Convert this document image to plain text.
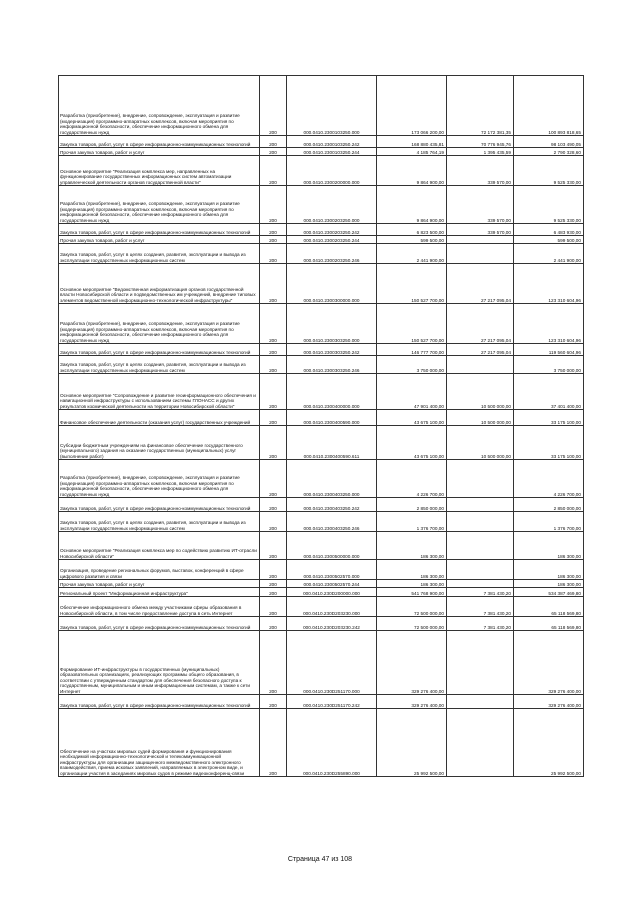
Разработка (приобретение), внедрение, сопровождение, эксплуатация и развитие (модернизация) программно-аппаратных комплексов, включая мероприятия по информационной безопасности, обеспечение информационного обмена для государственных нужд	200	000.0410.2300103250.000	173 066 200,00	72 172 381,35	100 893 818,65
Закупка товаров, работ, услуг в сфере информационно-коммуникационных технологий	200	000.0410.2300103250.242	168 880 435,81	70 776 945,76	98 103 490,05
Прочая закупка товаров, работ и услуг	200	000.0410.2300103250.244	4 185 764,19	1 395 435,59	2 790 328,60
Основное мероприятие "Реализация комплекса мер, направленных на функционирование государственных информационных систем автоматизации управленческой деятельности органов государственной власти"	200	000.0410.2300200000.000	9 864 900,00	339 570,00	9 525 330,00
Разработка (приобретение), внедрение, сопровождение, эксплуатация и развитие (модернизация) программно-аппаратных комплексов, включая мероприятия по информационной безопасности, обеспечение информационного обмена для государственных нужд	200	000.0410.2300203250.000	9 864 900,00	339 570,00	9 525 330,00
Закупка товаров, работ, услуг в сфере информационно-коммуникационных технологий	200	000.0410.2300203250.242	6 823 500,00	339 570,00	6 483 930,00
Прочая закупка товаров, работ и услуг	200	000.0410.2300203250.244	599 500,00		599 500,00
Закупка товаров, работ, услуг в целях создания, развития, эксплуатации и вывода из эксплуатации государственных информационных систем	200	000.0410.2300203250.246	2 441 900,00		2 441 900,00
Основное мероприятие "Ведомственная информатизация органов государственной власти Новосибирской области и подведомственных им учреждений, внедрение типовых элементов ведомственной информационно-технологической инфраструктуры"	200	000.0410.2300300000.000	150 527 700,00	27 217 095,04	123 310 604,96
Разработка (приобретение), внедрение, сопровождение, эксплуатация и развитие (модернизация) программно-аппаратных комплексов, включая мероприятия по информационной безопасности, обеспечение информационного обмена для государственных нужд	200	000.0410.2300303250.000	150 527 700,00	27 217 095,04	123 310 604,96
Закупка товаров, работ, услуг в сфере информационно-коммуникационных технологий	200	000.0410.2300303250.242	146 777 700,00	27 217 095,04	119 560 604,96
Закупка товаров, работ, услуг в целях создания, развития, эксплуатации и вывода из эксплуатации государственных информационных систем	200	000.0410.2300303250.246	3 750 000,00		3 750 000,00
Основное мероприятие "Сопровождение и развитие геоинформационного обеспечения и навигационной инфраструктуры с использованием системы ГЛОНАСС и других результатов космической деятельности на территории Новосибирской области"	200	000.0410.2300400000.000	47 901 400,00	10 500 000,00	37 401 400,00
Финансовое обеспечение деятельности (оказания услуг) государственных учреждений	200	000.0410.2300400590.000	43 675 100,00	10 500 000,00	33 175 100,00
Субсидии бюджетным учреждениям на финансовое обеспечение государственного (муниципального) задания на оказание государственных (муниципальных) услуг (выполнение работ)	200	000.0410.2300400590.611	43 675 100,00	10 500 000,00	33 175 100,00
Разработка (приобретение), внедрение, сопровождение, эксплуатация и развитие (модернизация) программно-аппаратных комплексов, включая мероприятия по информационной безопасности, обеспечение информационного обмена для государственных нужд	200	000.0410.2300403250.000	4 226 700,00		4 226 700,00
Закупка товаров, работ, услуг в сфере информационно-коммуникационных технологий	200	000.0410.2300403250.242	2 850 000,00		2 850 000,00
Закупка товаров, работ, услуг в целях создания, развития, эксплуатации и вывода из эксплуатации государственных информационных систем	200	000.0410.2300403250.246	1 376 700,00		1 376 700,00
Основное мероприятие "Реализация комплекса мер по содействию развитию ИТ-отрасли Новосибирской области"	200	000.0410.2300500000.000	186 300,00		186 300,00
Организация, проведение региональных форумов, выставок, конференций в сфере цифрового развития и связи	200	000.0410.2300502570.000	186 300,00		186 300,00
Прочая закупка товаров, работ и услуг	200	000.0410.2300502570.244	186 300,00		186 300,00
Региональный проект "Информационная инфраструктура"	200	000.0410.230D200000.000	541 768 900,00	7 381 430,20	534 387 469,80
Обеспечение информационного обмена между участниками сферы образования в Новосибирской области, в том числе предоставление доступа в сеть Интернет	200	000.0410.230D203230.000	72 500 000,00	7 381 430,20	65 118 569,80
Закупка товаров, работ, услуг в сфере информационно-коммуникационных технологий	200	000.0410.230D203230.242	72 500 000,00	7 381 430,20	65 118 569,80
Формирование ИТ-инфраструктуры в государственных (муниципальных) образовательных организациях, реализующих программы общего образования, в соответствии с утвержденным стандартом для обеспечения безопасного доступа к государственным, муниципальным и иным информационным системам, а также к сети Интернет	200	000.0410.230D251170.000	329 276 400,00		329 276 400,00
Закупка товаров, работ, услуг в сфере информационно-коммуникационных технологий	200	000.0410.230D251170.242	329 276 400,00		329 276 400,00
Обеспечение на участках мировых судей формирования и функционирования необходимой информационно-технологической и телекоммуникационной инфраструктуры для организации защищенного межведомственного электронного взаимодействия, приема исковых заявлений, направляемых в электронном виде, и организации участия в заседаниях мировых судов в режиме видеоконференц-связи	200	000.0410.230D255890.000	25 992 500,00		25 992 500,00
Страница 47 из 108
